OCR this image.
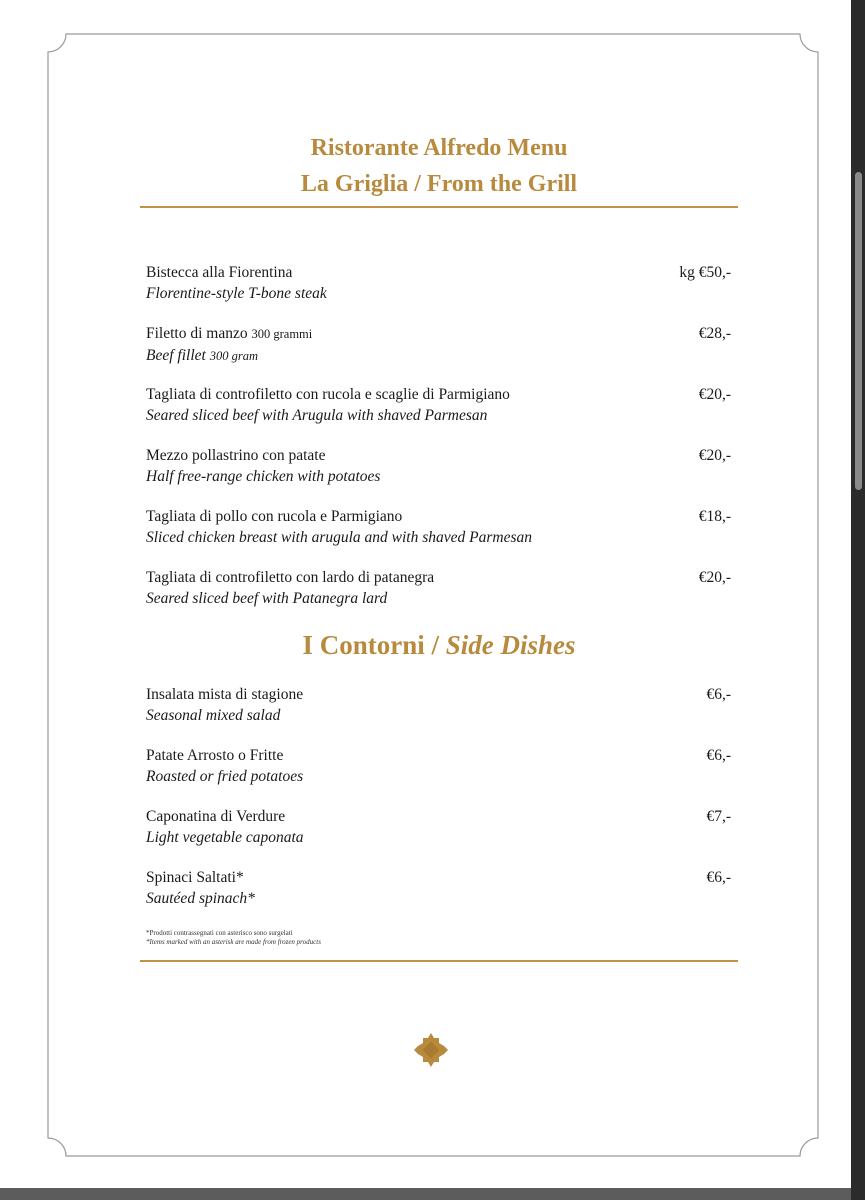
Ristorante Alfredo Menu
La Griglia / From the Grill
Bistecca alla Fiorentina
Florentine-style T-bone steak
kg €50,-
Filetto di manzo 300 grammi
Beef fillet 300 gram
€28,-
Tagliata di controfiletto con rucola e scaglie di Parmigiano
Seared sliced beef with Arugula with shaved Parmesan
€20,-
Mezzo pollastrino con patate
Half free-range chicken with potatoes
€20,-
Tagliata di pollo con rucola e Parmigiano
Sliced chicken breast with arugula and with shaved Parmesan
€18,-
Tagliata di controfiletto con lardo di patanegra
Seared sliced beef with Patanegra lard
€20,-
I Contorni / Side Dishes
Insalata mista di stagione
Seasonal mixed salad
€6,-
Patate Arrosto o Fritte
Roasted or fried potatoes
€6,-
Caponatina di Verdure
Light vegetable caponata
€7,-
Spinaci Saltati*
Sautéed spinach*
€6,-
*Prodotti contrassegnati con asterisco sono surgelati
*Items marked with an asterisk are made from frozen products
